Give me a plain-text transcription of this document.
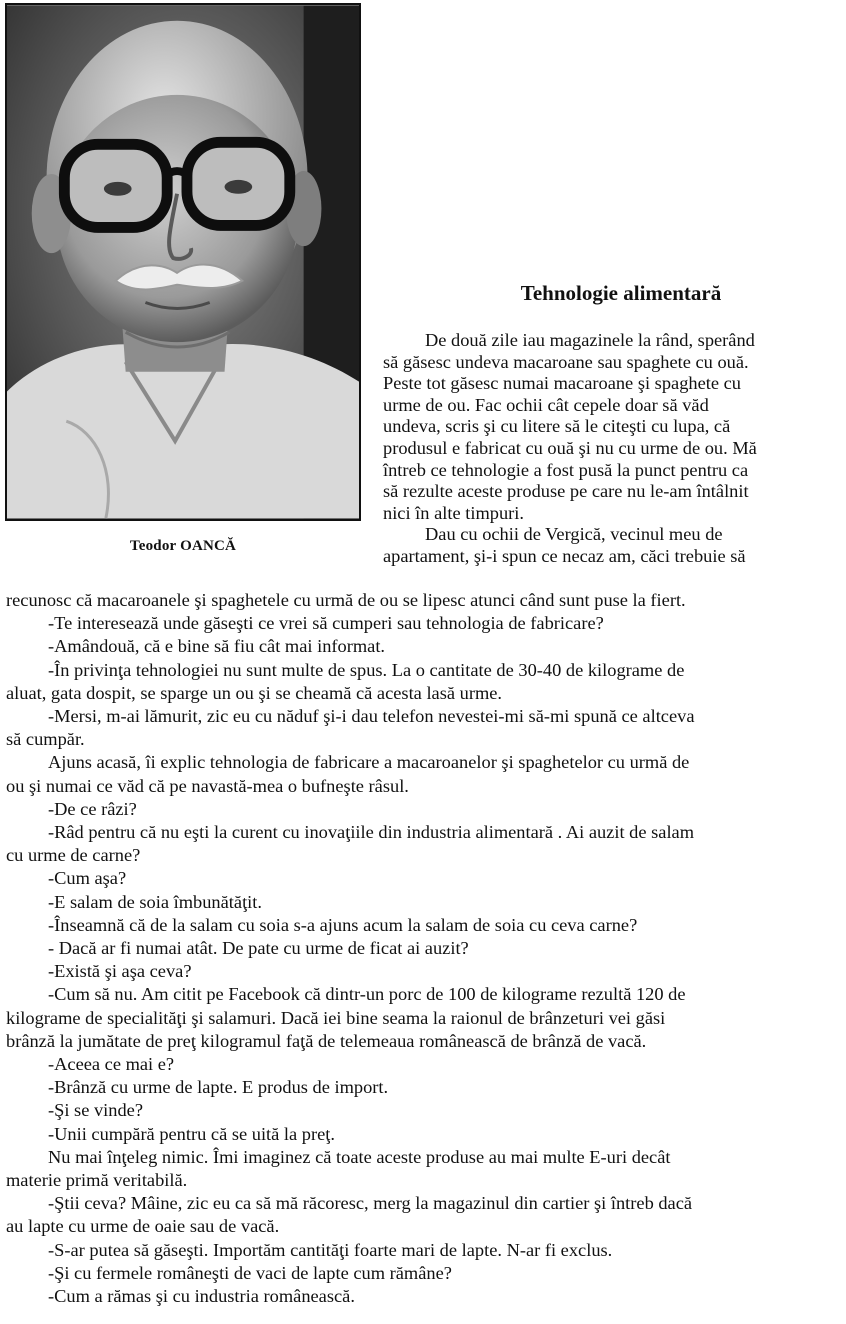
Teodor OANCĂ
Tehnologie alimentară
De două zile iau magazinele la rând, sperând
să găsesc undeva macaroane sau spaghete cu ouă.
Peste tot găsesc numai macaroane şi spaghete cu
urme de ou. Fac ochii cât cepele doar să văd
undeva, scris şi cu litere să le citeşti cu lupa, că
produsul e fabricat cu ouă şi nu cu urme de ou. Mă
întreb ce tehnologie a fost pusă la punct pentru ca
să rezulte aceste produse pe care nu le-am întâlnit
nici în alte timpuri.
Dau cu ochii de Vergică, vecinul meu de
apartament, şi-i spun ce necaz am, căci trebuie să
recunosc că macaroanele şi spaghetele cu urmă de ou se lipesc atunci când sunt puse la fiert.
-Te interesează unde găseşti ce vrei să cumperi sau tehnologia de fabricare?
-Amândouă, că e bine să fiu cât mai informat.
-În privinţa tehnologiei nu sunt multe de spus. La o cantitate de 30-40 de kilograme de
aluat, gata dospit, se sparge un ou şi se cheamă că acesta lasă urme.
-Mersi, m-ai lămurit, zic eu cu năduf şi-i dau telefon nevestei-mi să-mi spună ce altceva
să cumpăr.
Ajuns acasă, îi explic tehnologia de fabricare a macaroanelor şi spaghetelor cu urmă de
ou şi numai ce văd că pe navastă-mea o bufneşte râsul.
-De ce râzi?
-Râd pentru că nu eşti la curent cu inovaţiile din industria alimentară . Ai auzit de salam
cu urme de carne?
-Cum aşa?
-E salam de soia îmbunătăţit.
-Înseamnă că de la salam cu soia s-a ajuns acum la salam de soia cu ceva carne?
- Dacă ar fi numai atât. De pate cu urme de ficat ai auzit?
-Există şi aşa ceva?
-Cum să nu. Am citit pe Facebook că dintr-un porc de 100 de kilograme rezultă 120 de
kilograme de specialităţi şi salamuri. Dacă iei bine seama la raionul de brânzeturi vei găsi
brânză la jumătate de preţ kilogramul faţă de telemeaua românească de brânză de vacă.
-Aceea ce mai e?
-Brânză cu urme de lapte. E produs de import.
-Şi se vinde?
-Unii cumpără pentru că se uită la preţ.
Nu mai înţeleg nimic. Îmi imaginez că toate aceste produse au mai multe E-uri decât
materie primă veritabilă.
-Ştii ceva? Mâine, zic eu ca să mă răcoresc, merg la magazinul din cartier şi întreb dacă
au lapte cu urme de oaie sau de vacă.
-S-ar putea să găseşti. Importăm cantităţi foarte mari de lapte. N-ar fi exclus.
-Şi cu fermele româneşti de vaci de lapte cum rămâne?
-Cum a rămas şi cu industria românească.
